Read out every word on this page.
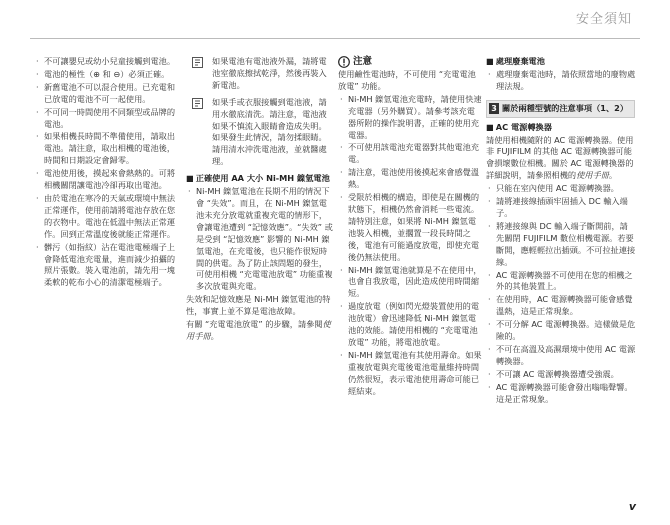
安全須知
· 不可讓嬰兒或幼小兒童接觸到電池。
· 電池的極性（⊕ 和 ⊖）必須正確。
· 新舊電池不可以混合使用。已充電和已放電的電池不可一起使用。
· 不可同一時間使用不同類型或品牌的電池。
· 如果相機長時間不準備使用，請取出電池。請注意，取出相機的電池後，時間和日期設定會歸零。
· 電池使用後，摸起來會熱熱的。可將相機關閉讓電池冷卻再取出電池。
· 由於電池在寒冷的天氣或環境中無法正常運作，使用前請將電池存放在您的衣物中。電池在低溫中無法正常運作。回到正常溫度後就能正常運作。
· 髒污（如指紋）沾在電池電極端子上會降低電池充電量，進而減少拍攝的照片張數。裝入電池前，請先用一塊柔軟的乾布小心的清潔電極端子。
如果電池有電池液外漏，請將電池室徹底擦拭乾淨，然後再裝入新電池。
如果手或衣服接觸到電池液，請用水徹底清洗。請注意，電池液如果不慎流入眼睛會造成失明。如果發生此情況，請勿揉眼睛。請用清水沖洗電池液，並就醫處理。
■ 正確使用 AA 大小 Ni-MH 鎳氫電池
· Ni-MH 鎳氫電池在長期不用的情況下會 “失效”。而且，在 Ni-MH 鎳氫電池未充分放電就重複充電的情形下，會讓電池遭到 “記憶效應”。“失效” 或是受到 “記憶效應” 影響的 Ni-MH 鎳氫電池，在充電後，也只能作很短時間的供電。為了防止該問題的發生，可使用相機 “充電電池放電” 功能重複多次放電與充電。
失效和記憶效應是 Ni-MH 鎳氫電池的特性，事實上並不算是電池故障。
有關 “充電電池放電” 的步驟，請參閱使用手冊。
注意
使用鹼性電池時，不可使用 “充電電池放電” 功能。
· Ni-MH 鎳氫電池充電時，請使用快速充電器（另外購買）。請參考該充電器所附的操作說明書，正確的使用充電器。
· 不可使用該電池充電器對其他電池充電。
· 請注意，電池使用後摸起來會感覺溫熱。
· 受限於相機的構造，即使是在關機的狀態下，相機仍然會消耗一些電流。請特別注意，如果將 Ni-MH 鎳氫電池裝入相機，並擱置一段長時間之後，電池有可能過度放電，即使充電後仍無法使用。
· Ni-MH 鎳氫電池就算是不在使用中，也會自我放電，因此造成使用時間縮短。
· 過度放電（例如閃光燈裝置使用的電池放電）會迅速降低 Ni-MH 鎳氫電池的效能。請使用相機的 “充電電池放電” 功能，將電池放電。
· Ni-MH 鎳氫電池有其使用壽命。如果重複放電與充電後電池電量維持時間仍然很短，表示電池使用壽命可能已經結束。
■ 處理廢棄電池
· 處理廢棄電池時，請依照當地的廢物處理法規。
3 關於兩種型號的注意事項（1、2）
■ AC 電源轉換器
請使用相機隨附的 AC 電源轉換器。使用非 FUJIFILM 的其他 AC 電源轉換器可能會損壞數位相機。關於 AC 電源轉換器的詳細說明，請參照相機的使用手冊。
· 只能在室內使用 AC 電源轉換器。
· 請將連接線插頭牢固插入 DC 輸入端子。
· 將連接線與 DC 輸入端子斷開前，請先關閉 FUJIFILM 數位相機電源。若要斷開，應輕輕拉出插頭。不可拉扯連接線。
· AC 電源轉換器不可使用在您的相機之外的其他裝置上。
· 在使用時，AC 電源轉換器可能會感覺溫熱，這是正常現象。
· 不可分解 AC 電源轉換器。這樣做是危險的。
· 不可在高溫及高濕環境中使用 AC 電源轉換器。
· 不可讓 AC 電源轉換器遭受強震。
· AC 電源轉換器可能會發出嗡嗡聲響。這是正常現象。
v
